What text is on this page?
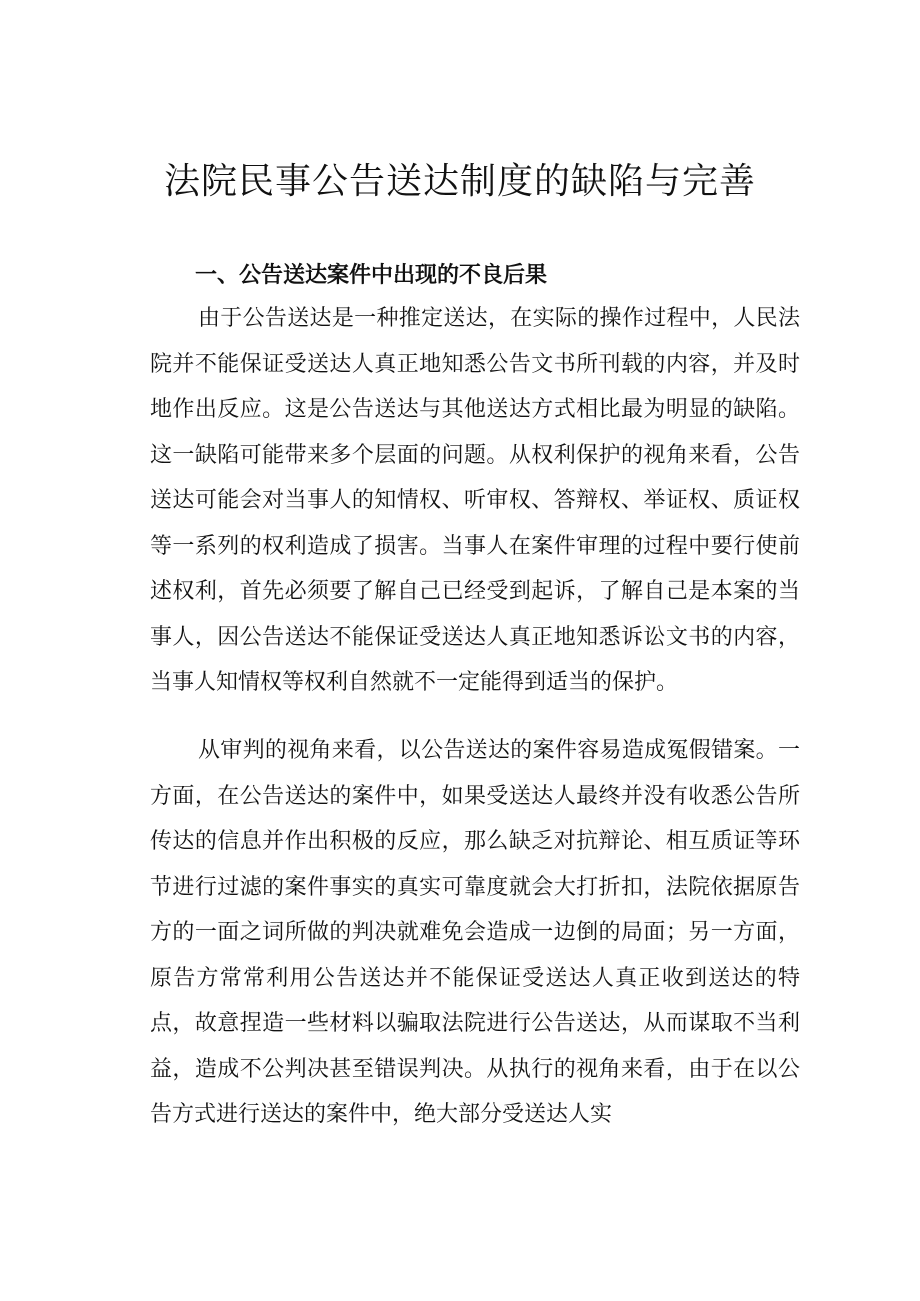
法院民事公告送达制度的缺陷与完善
一、公告送达案件中出现的不良后果

由于公告送达是一种推定送达，在实际的操作过程中，人民法院并不能保证受送达人真正地知悉公告文书所刊载的内容，并及时地作出反应。这是公告送达与其他送达方式相比最为明显的缺陷。这一缺陷可能带来多个层面的问题。从权利保护的视角来看，公告送达可能会对当事人的知情权、听审权、答辩权、举证权、质证权等一系列的权利造成了损害。当事人在案件审理的过程中要行使前述权利，首先必须要了解自己已经受到起诉，了解自己是本案的当事人，因公告送达不能保证受送达人真正地知悉诉讼文书的内容，当事人知情权等权利自然就不一定能得到适当的保护。

从审判的视角来看，以公告送达的案件容易造成冤假错案。一方面，在公告送达的案件中，如果受送达人最终并没有收悉公告所传达的信息并作出积极的反应，那么缺乏对抗辩论、相互质证等环节进行过滤的案件事实的真实可靠度就会大打折扣，法院依据原告方的一面之词所做的判决就难免会造成一边倒的局面；另一方面，原告方常常利用公告送达并不能保证受送达人真正收到送达的特点，故意捏造一些材料以骗取法院进行公告送达，从而谋取不当利益，造成不公判决甚至错误判决。从执行的视角来看，由于在以公告方式进行送达的案件中，绝大部分受送达人实
